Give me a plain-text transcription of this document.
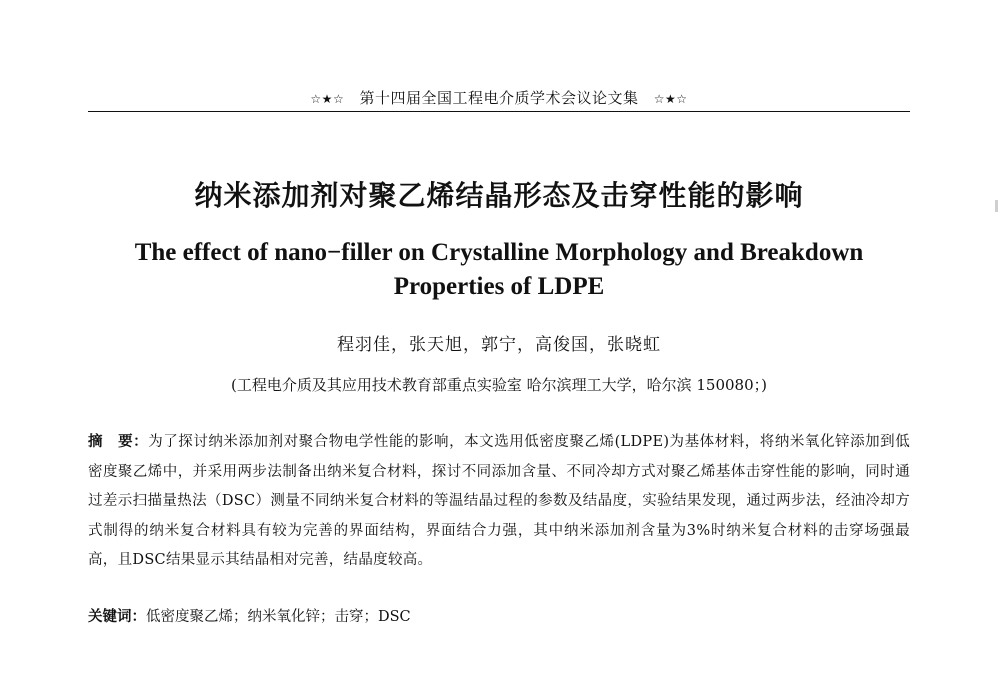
☆★☆ 第十四届全国工程电介质学术会议论文集 ☆★☆
纳米添加剂对聚乙烯结晶形态及击穿性能的影响
The effect of nano−filler on Crystalline Morphology and Breakdown Properties of LDPE
程羽佳，张天旭，郭宁，高俊国，张晓虹
(工程电介质及其应用技术教育部重点实验室 哈尔滨理工大学，哈尔滨 150080；)
摘　要：为了探讨纳米添加剂对聚合物电学性能的影响，本文选用低密度聚乙烯(LDPE)为基体材料，将纳米氧化锌添加到低密度聚乙烯中，并采用两步法制备出纳米复合材料，探讨不同添加含量、不同冷却方式对聚乙烯基体击穿性能的影响，同时通过差示扫描量热法（DSC）测量不同纳米复合材料的等温结晶过程的参数及结晶度，实验结果发现，通过两步法，经油冷却方式制得的纳米复合材料具有较为完善的界面结构，界面结合力强，其中纳米添加剂含量为3%时纳米复合材料的击穿场强最高，且DSC结果显示其结晶相对完善，结晶度较高。
关键词：低密度聚乙烯；纳米氧化锌；击穿；DSC
